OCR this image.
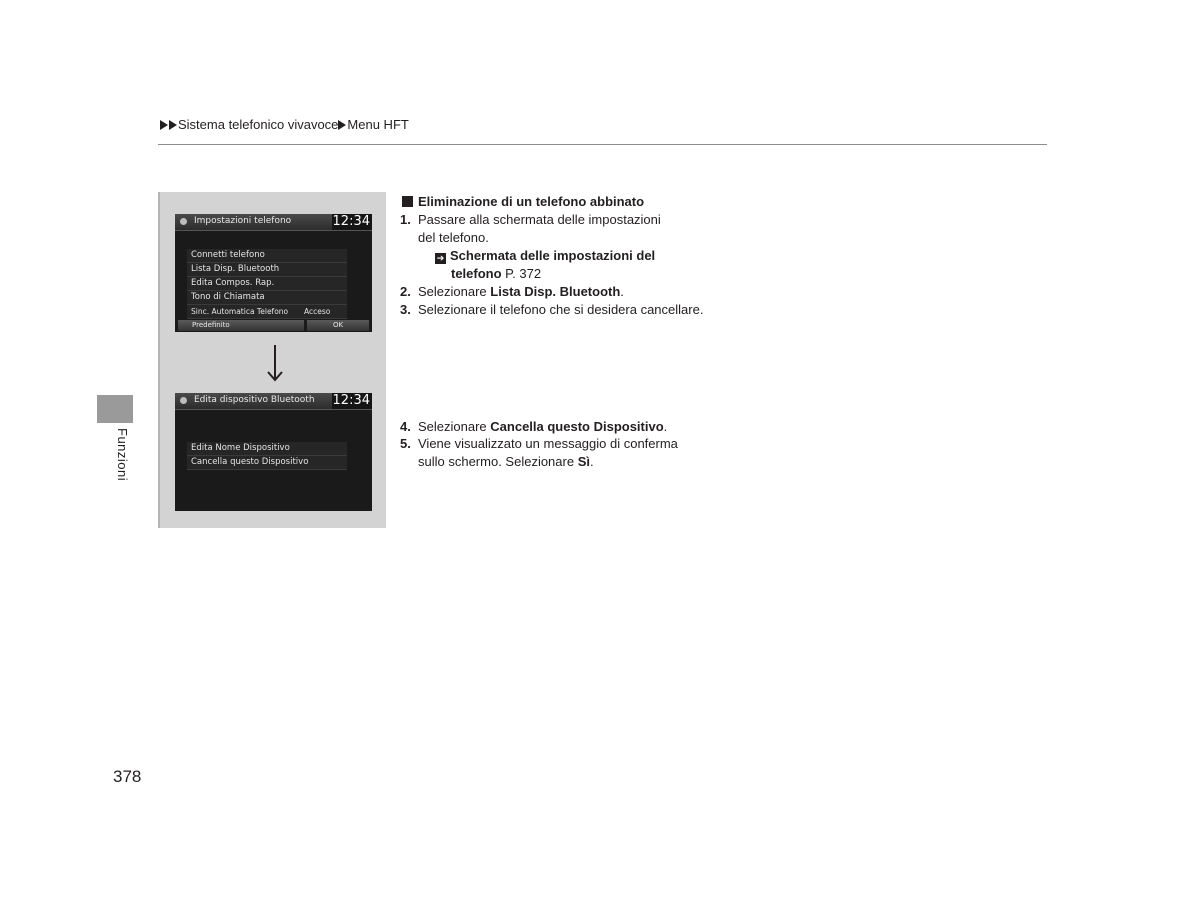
Sistema telefonico vivavoce Menu HFT
Funzioni
Impostazioni telefono	12:34
Connetti telefono
Lista Disp. Bluetooth
Edita Compos. Rap.
Tono di Chiamata
Sinc. Automatica Telefono Acceso
Predefinito	OK
Edita dispositivo Bluetooth 12:34
Edita Nome Dispositivo
Cancella questo Dispositivo
Eliminazione di un telefono abbinato
1. Passare alla schermata delle impostazioni
del telefono.
➔ Schermata delle impostazioni del
telefono P. 372
2. Selezionare Lista Disp. Bluetooth.
3. Selezionare il telefono che si desidera cancellare.
4. Selezionare Cancella questo Dispositivo.
5. Viene visualizzato un messaggio di conferma
sullo schermo. Selezionare Sì.
378
